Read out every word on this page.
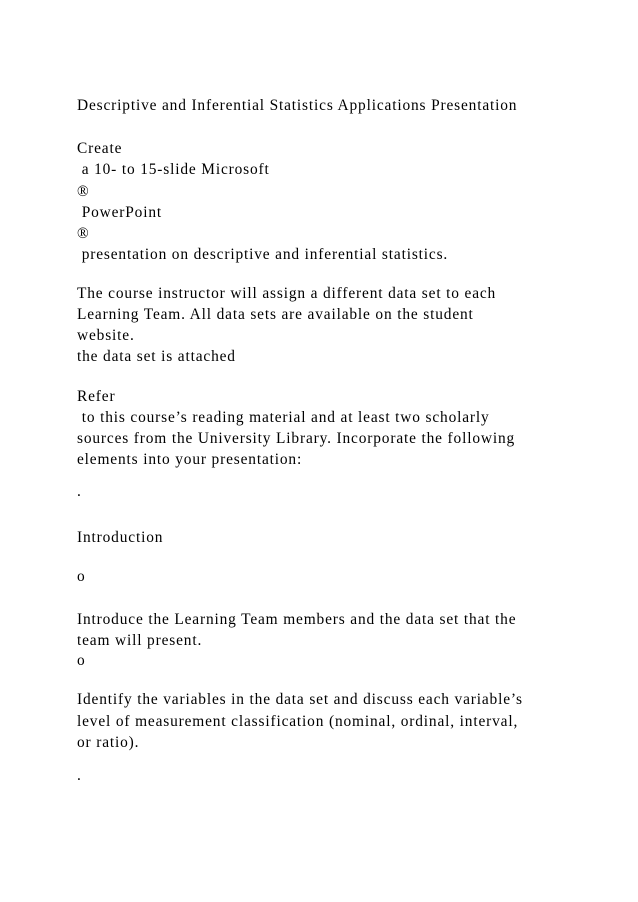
Descriptive and Inferential Statistics Applications Presentation

Create

a 10- to 15-slide Microsoft

®

PowerPoint

®

presentation on descriptive and inferential statistics.

The course instructor will assign a different data set to each

Learning Team. All data sets are available on the student

website.

the data set is attached

Refer

to this course’s reading material and at least two scholarly

sources from the University Library. Incorporate the following

elements into your presentation:

.

Introduction

o

Introduce the Learning Team members and the data set that the

team will present.

o

Identify the variables in the data set and discuss each variable’s

level of measurement classification (nominal, ordinal, interval,

or ratio).

.
